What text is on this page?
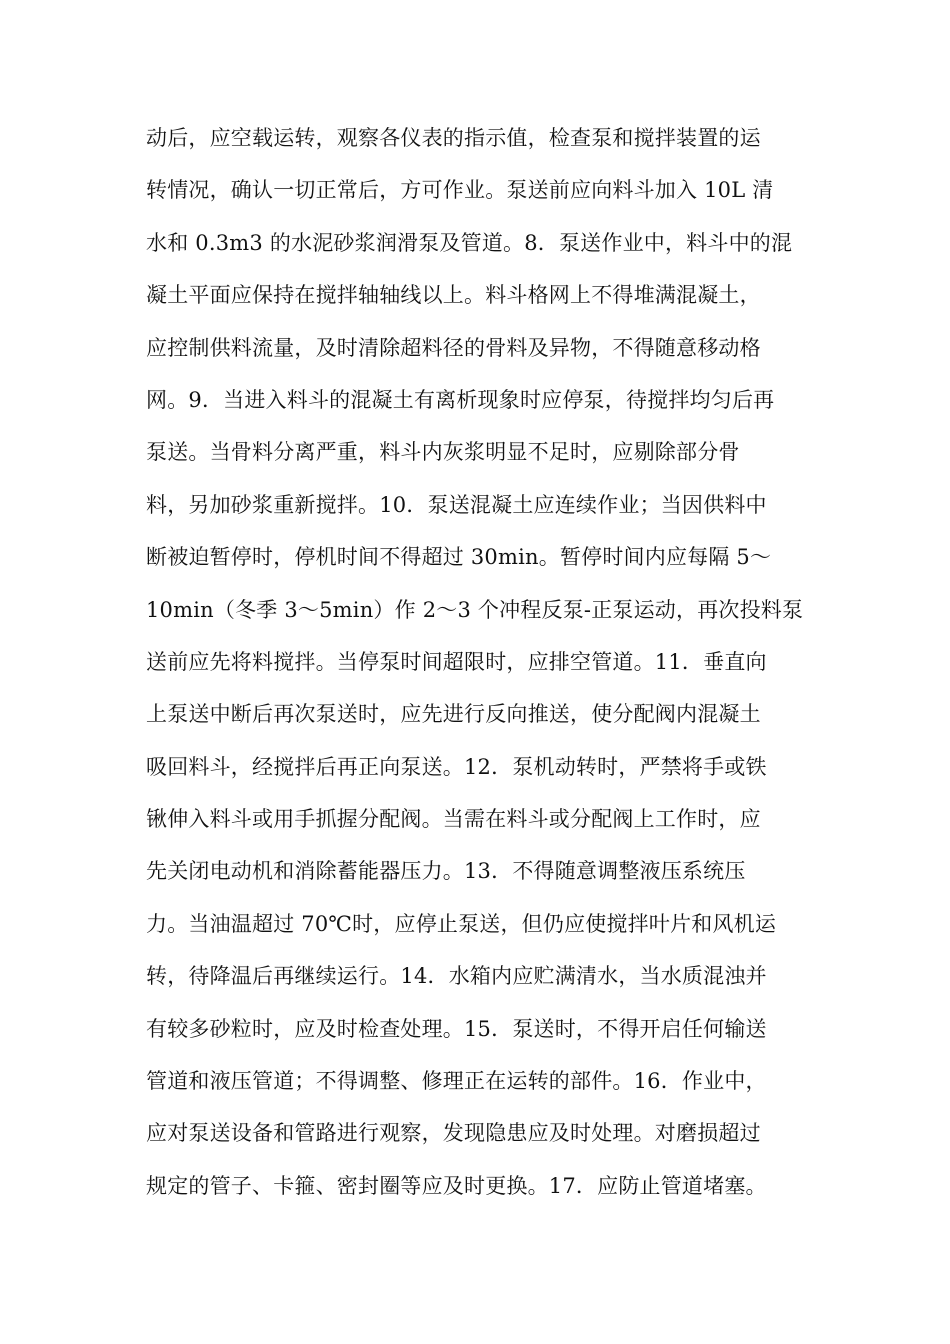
动后，应空载运转，观察各仪表的指示值，检查泵和搅拌装置的运
转情况，确认一切正常后，方可作业。泵送前应向料斗加入 10L 清
水和 0.3m3 的水泥砂浆润滑泵及管道。8．泵送作业中，料斗中的混
凝土平面应保持在搅拌轴轴线以上。料斗格网上不得堆满混凝土，
应控制供料流量，及时清除超料径的骨料及异物，不得随意移动格
网。9．当进入料斗的混凝土有离析现象时应停泵，待搅拌均匀后再
泵送。当骨料分离严重，料斗内灰浆明显不足时，应剔除部分骨
料，另加砂浆重新搅拌。10．泵送混凝土应连续作业；当因供料中
断被迫暂停时，停机时间不得超过 30min。暂停时间内应每隔 5～
10min（冬季 3～5min）作 2～3 个冲程反泵-正泵运动，再次投料泵
送前应先将料搅拌。当停泵时间超限时，应排空管道。11．垂直向
上泵送中断后再次泵送时，应先进行反向推送，使分配阀内混凝土
吸回料斗，经搅拌后再正向泵送。12．泵机动转时，严禁将手或铁
锹伸入料斗或用手抓握分配阀。当需在料斗或分配阀上工作时，应
先关闭电动机和消除蓄能器压力。13．不得随意调整液压系统压
力。当油温超过 70℃时，应停止泵送，但仍应使搅拌叶片和风机运
转，待降温后再继续运行。14．水箱内应贮满清水，当水质混浊并
有较多砂粒时，应及时检查处理。15．泵送时，不得开启任何输送
管道和液压管道；不得调整、修理正在运转的部件。16．作业中，
应对泵送设备和管路进行观察，发现隐患应及时处理。对磨损超过
规定的管子、卡箍、密封圈等应及时更换。17．应防止管道堵塞。
